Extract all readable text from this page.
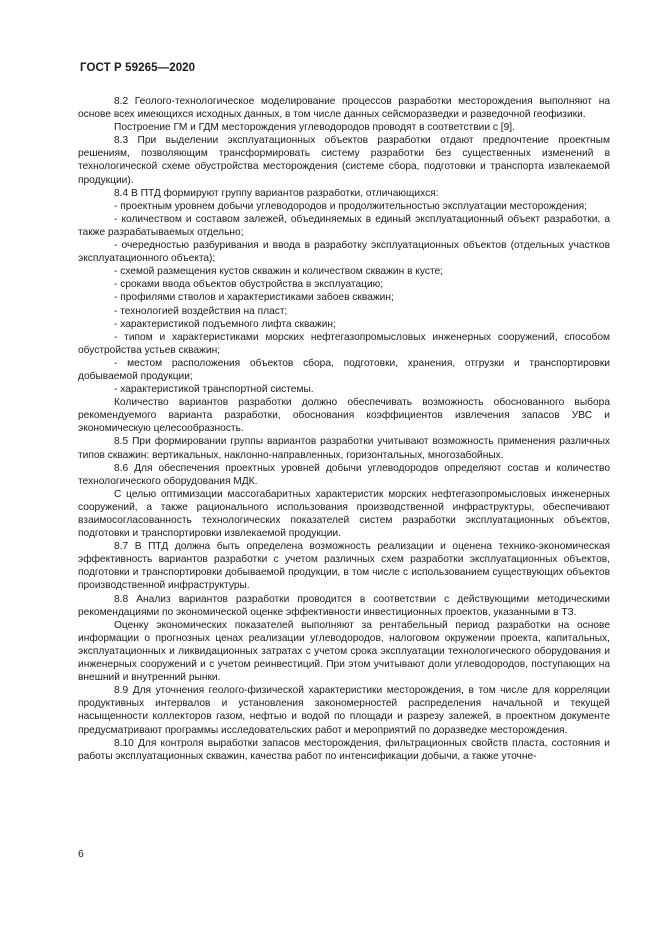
ГОСТ Р 59265—2020

8.2 Геолого-технологическое моделирование процессов разработки месторождения выполняют на основе всех имеющихся исходных данных, в том числе данных сейсморазведки и разведочной геофизики.

Построение ГМ и ГДМ месторождения углеводородов проводят в соответствии с [9].

8.3 При выделении эксплуатационных объектов разработки отдают предпочтение проектным решениям, позволяющим трансформировать систему разработки без существенных изменений в технологической схеме обустройства месторождения (системе сбора, подготовки и транспорта извлекаемой продукции).

8.4 В ПТД формируют группу вариантов разработки, отличающихся:

- проектным уровнем добычи углеводородов и продолжительностью эксплуатации месторождения;

- количеством и составом залежей, объединяемых в единый эксплуатационный объект разработки, а также разрабатываемых отдельно;

- очередностью разбуривания и ввода в разработку эксплуатационных объектов (отдельных участков эксплуатационного объекта);

- схемой размещения кустов скважин и количеством скважин в кусте;

- сроками ввода объектов обустройства в эксплуатацию;

- профилями стволов и характеристиками забоев скважин;

- технологией воздействия на пласт;

- характеристикой подъемного лифта скважин;

- типом и характеристиками морских нефтегазопромысловых инженерных сооружений, способом обустройства устьев скважин;

- местом расположения объектов сбора, подготовки, хранения, отгрузки и транспортировки добываемой продукции;

- характеристикой транспортной системы.

Количество вариантов разработки должно обеспечивать возможность обоснованного выбора рекомендуемого варианта разработки, обоснования коэффициентов извлечения запасов УВС и экономическую целесообразность.

8.5 При формировании группы вариантов разработки учитывают возможность применения различных типов скважин: вертикальных, наклонно-направленных, горизонтальных, многозабойных.

8.6 Для обеспечения проектных уровней добычи углеводородов определяют состав и количество технологического оборудования МДК.

С целью оптимизации массогабаритных характеристик морских нефтегазопромысловых инженерных сооружений, а также рационального использования производственной инфраструктуры, обеспечивают взаимосогласованность технологических показателей систем разработки эксплуатационных объектов, подготовки и транспортировки извлекаемой продукции.

8.7 В ПТД должна быть определена возможность реализации и оценена технико-экономическая эффективность вариантов разработки с учетом различных схем разработки эксплуатационных объектов, подготовки и транспортировки добываемой продукции, в том числе с использованием существующих объектов производственной инфраструктуры.

8.8 Анализ вариантов разработки проводится в соответствии с действующими методическими рекомендациями по экономической оценке эффективности инвестиционных проектов, указанными в ТЗ.

Оценку экономических показателей выполняют за рентабельный период разработки на основе информации о прогнозных ценах реализации углеводородов, налоговом окружении проекта, капитальных, эксплуатационных и ликвидационных затратах с учетом срока эксплуатации технологического оборудования и инженерных сооружений и с учетом реинвестиций. При этом учитывают доли углеводородов, поступающих на внешний и внутренний рынки.

8.9 Для уточнения геолого-физической характеристики месторождения, в том числе для корреляции продуктивных интервалов и установления закономерностей распределения начальной и текущей насыщенности коллекторов газом, нефтью и водой по площади и разрезу залежей, в проектном документе предусматривают программы исследовательских работ и мероприятий по доразведке месторождения.

8.10 Для контроля выработки запасов месторождения, фильтрационных свойств пласта, состояния и работы эксплуатационных скважин, качества работ по интенсификации добычи, а также уточне-

6
